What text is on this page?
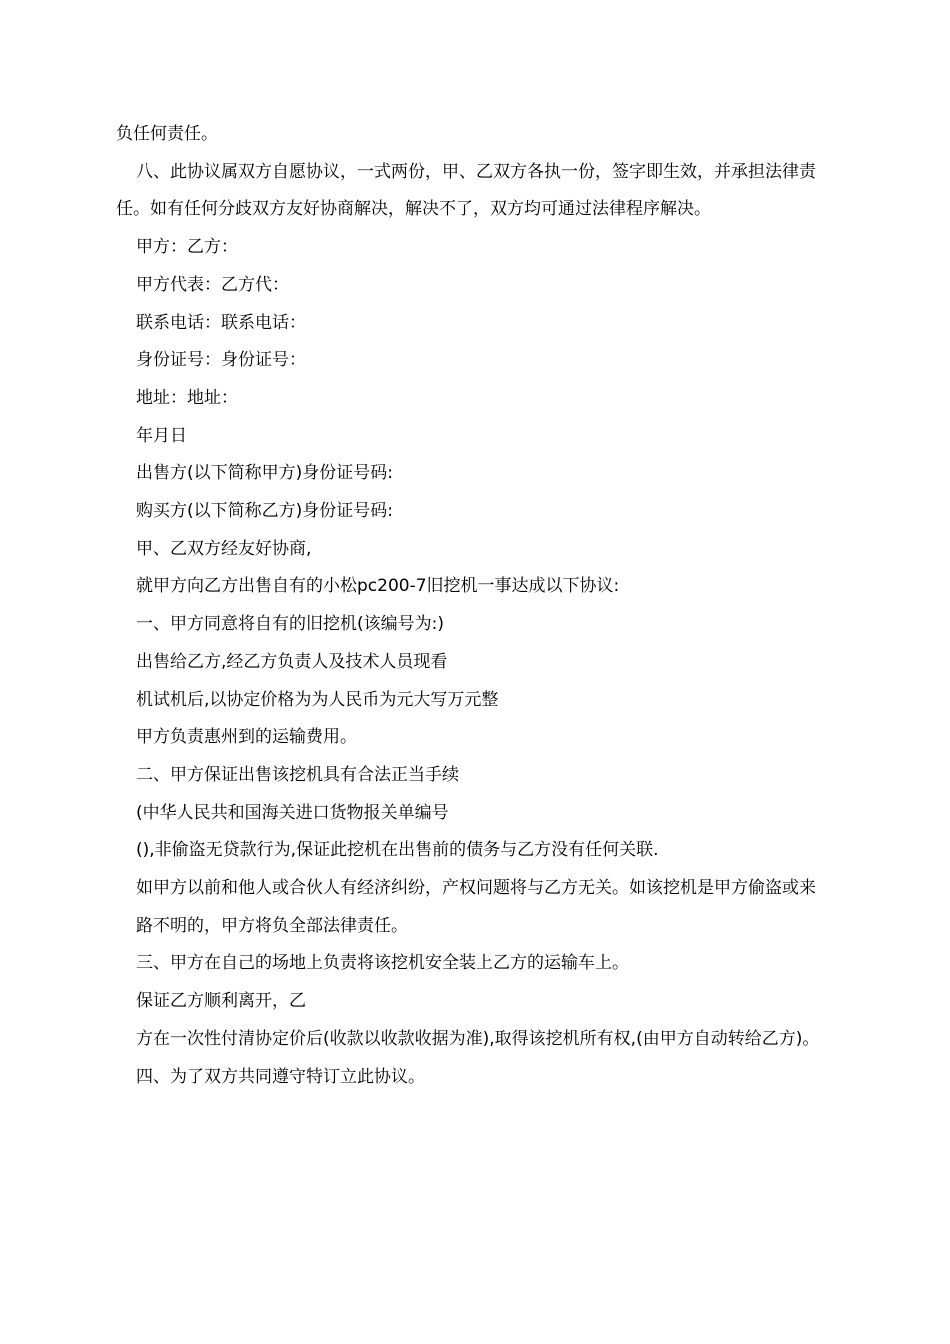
负任何责任。

八、此协议属双方自愿协议，一式两份，甲、乙双方各执一份，签字即生效，并承担法律责任。如有任何分歧双方友好协商解决，解决不了，双方均可通过法律程序解决。

甲方：乙方：

甲方代表：乙方代：

联系电话：联系电话：

身份证号：身份证号：

地址：地址：

年月日

出售方(以下简称甲方)身份证号码:

购买方(以下简称乙方)身份证号码:

甲、乙双方经友好协商,

就甲方向乙方出售自有的小松pc200-7旧挖机一事达成以下协议:

一、甲方同意将自有的旧挖机(该编号为:)

出售给乙方,经乙方负责人及技术人员现看

机试机后,以协定价格为为人民币为元大写万元整

甲方负责惠州到的运输费用。

二、甲方保证出售该挖机具有合法正当手续

(中华人民共和国海关进口货物报关单编号

(),非偷盗无贷款行为,保证此挖机在出售前的债务与乙方没有任何关联.

如甲方以前和他人或合伙人有经济纠纷，产权问题将与乙方无关。如该挖机是甲方偷盗或来

路不明的，甲方将负全部法律责任。

三、甲方在自己的场地上负责将该挖机安全装上乙方的运输车上。

保证乙方顺利离开，乙

方在一次性付清协定价后(收款以收款收据为准),取得该挖机所有权,(由甲方自动转给乙方)。

四、为了双方共同遵守特订立此协议。
